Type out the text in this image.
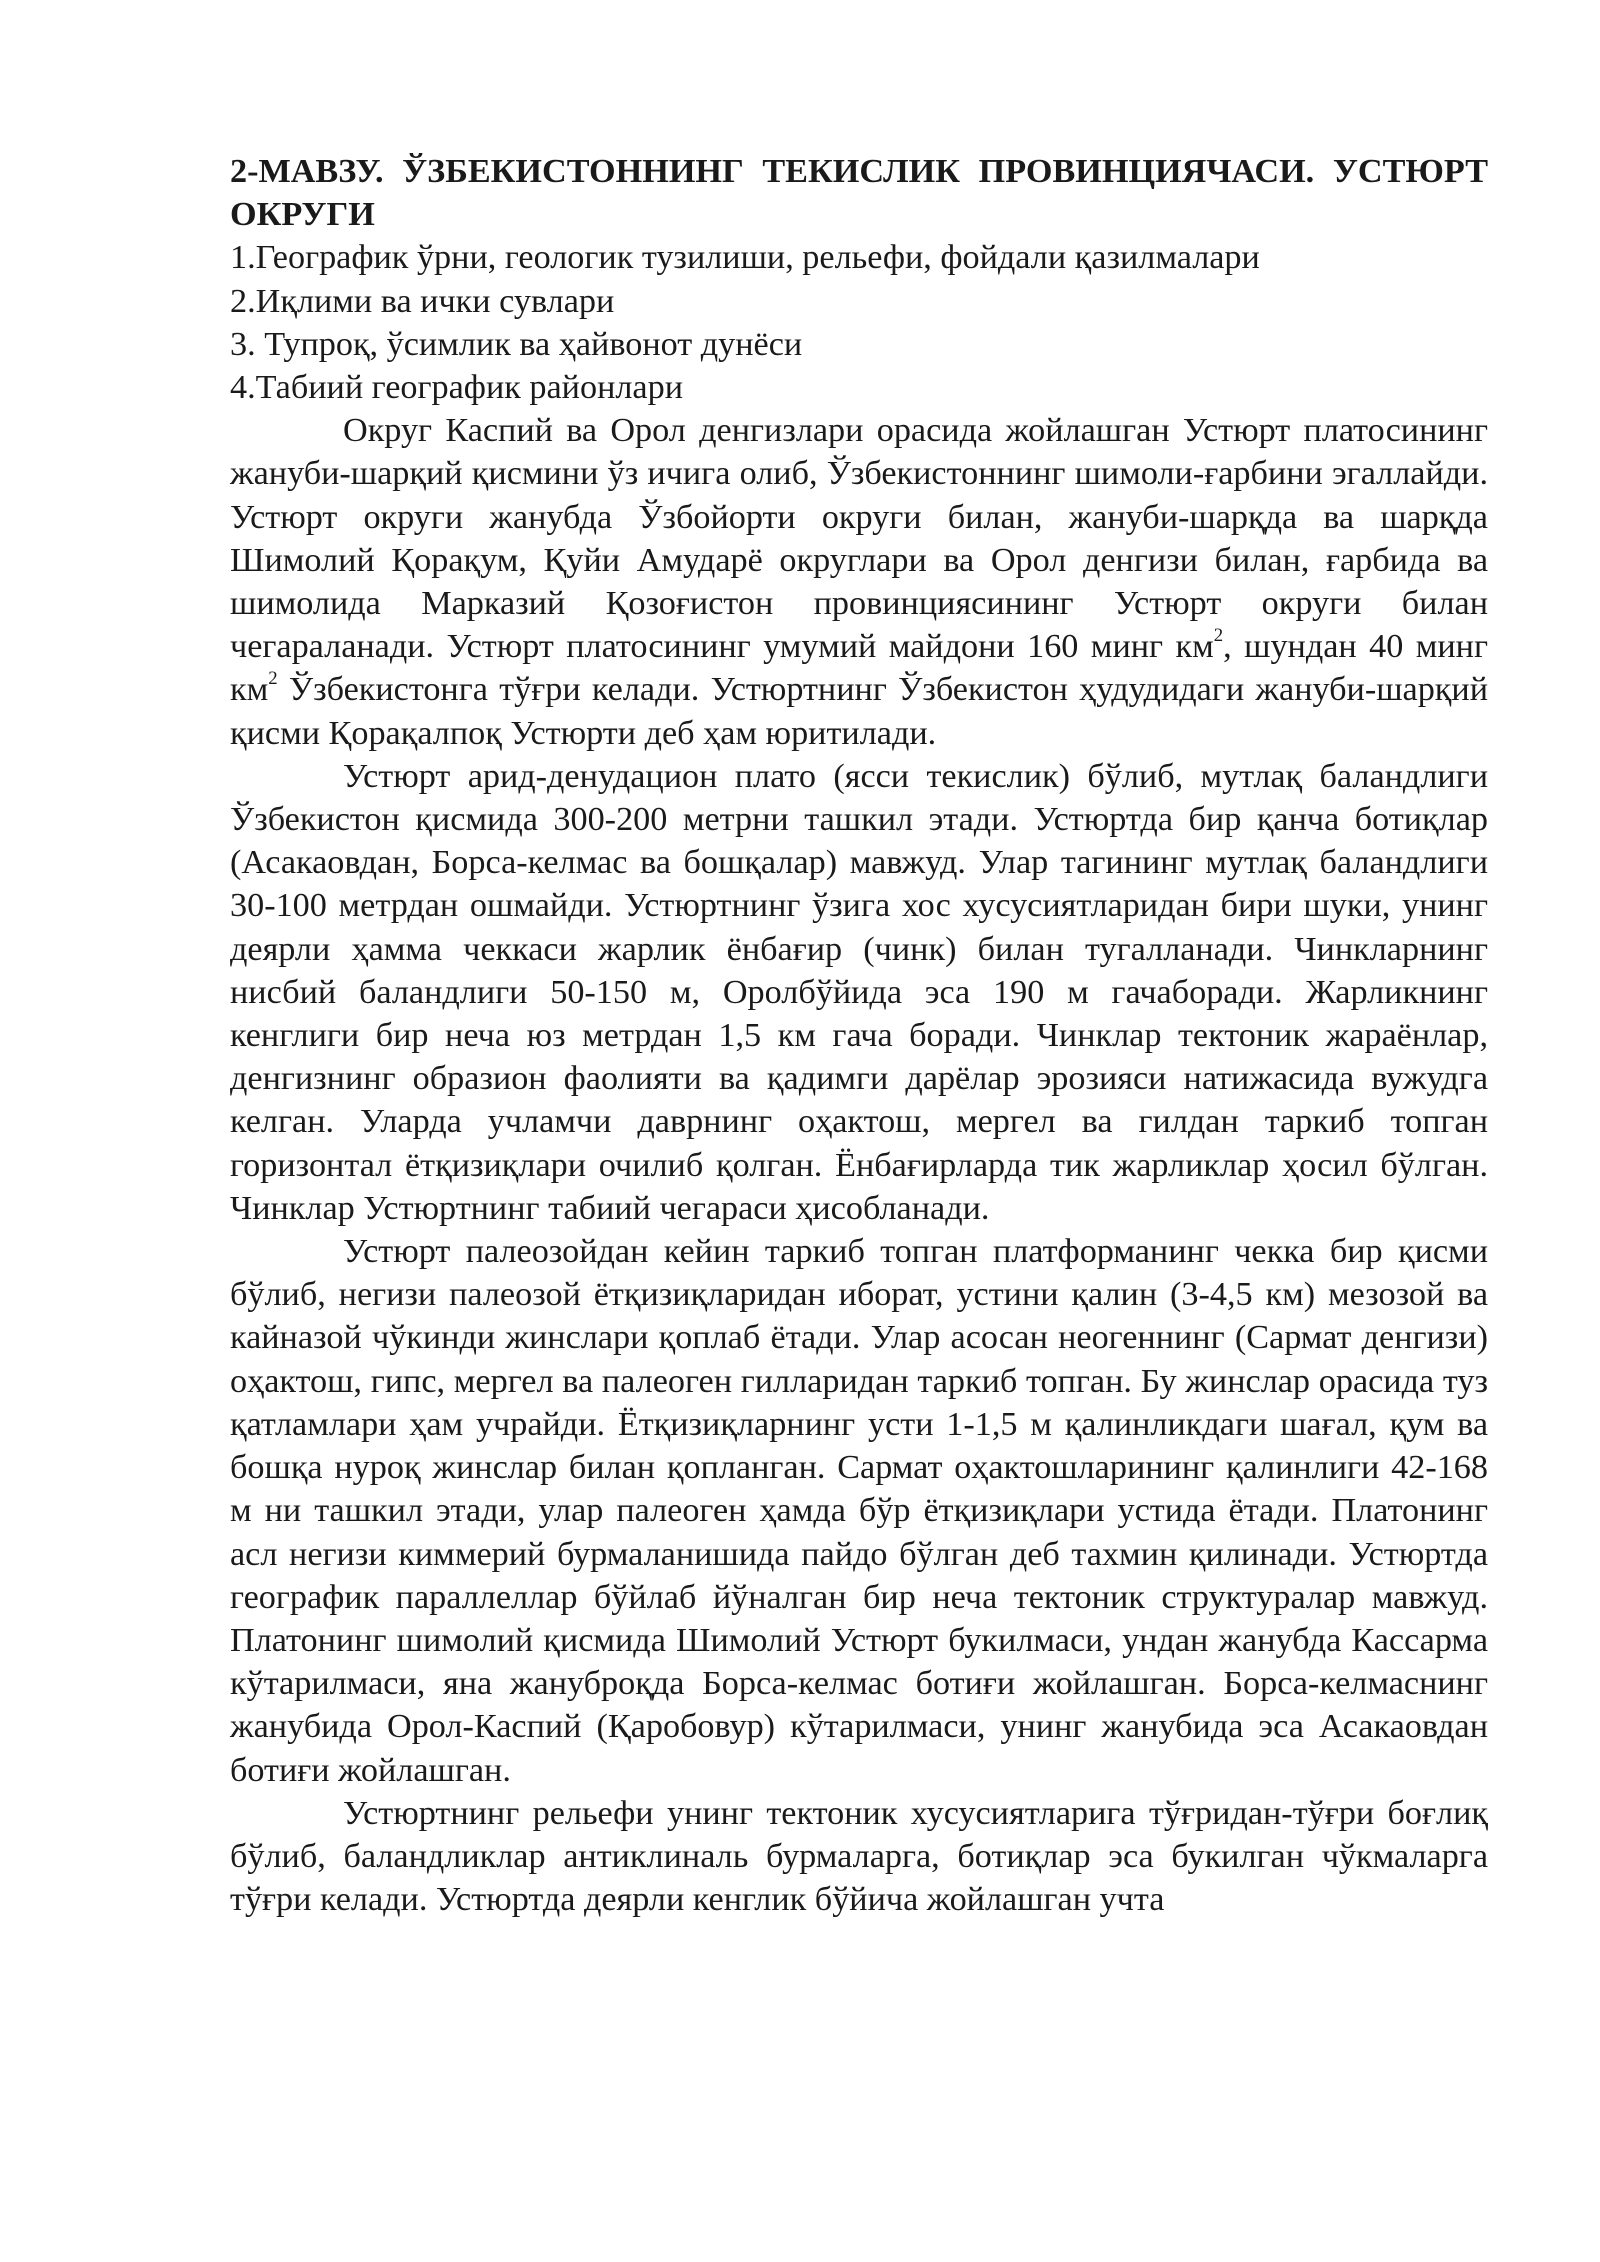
2-МАВЗУ. ЎЗБЕКИСТОННИНГ ТЕКИСЛИК ПРОВИНЦИЯЧАСИ. УСТЮРТ ОКРУГИ

1.Географик ўрни, геологик тузилиши, рельефи, фойдали қазилмалари

2.Иқлими ва ички сувлари

3. Тупроқ, ўсимлик ва ҳайвонот дунёси

4.Табиий географик районлари

Округ Каспий ва Орол денгизлари орасида жойлашган Устюрт платосининг жануби-шарқий қисмини ўз ичига олиб, Ўзбекистоннинг шимоли-ғарбини эгаллайди. Устюрт округи жанубда Ўзбойорти округи билан, жануби-шарқда ва шарқда Шимолий Қорақум, Қуйи Амударё округлари ва Орол денгизи билан, ғарбида ва шимолида Марказий Қозоғистон провинциясининг Устюрт округи билан чегараланади. Устюрт платосининг умумий майдони 160 минг $км^2$, шундан 40 минг $км^2$ Ўзбекистонга тўғри келади. Устюртнинг Ўзбекистон ҳудудидаги жануби-шарқий қисми Қорақалпоқ Устюрти деб ҳам юритилади.

Устюрт арид-денудацион плато (ясси текислик) бўлиб, мутлақ баландлиги Ўзбекистон қисмида 300-200 метрни ташкил этади. Устюртда бир қанча ботиқлар (Асакаовдан, Борса-келмас ва бошқалар) мавжуд. Улар тагининг мутлақ баландлиги 30-100 метрдан ошмайди. Устюртнинг ўзига хос хусусиятларидан бири шуки, унинг деярли ҳамма чеккаси жарлик ёнбағир (чинк) билан тугалланади. Чинкларнинг нисбий баландлиги 50-150 м, Оролбўйида эса 190 м гачаборади. Жарликнинг кенглиги бир неча юз метрдан 1,5 км гача боради. Чинклар тектоник жараёнлар, денгизнинг образион фаолияти ва қадимги дарёлар эрозияси натижасида вужудга келган. Уларда учламчи даврнинг оҳактош, мергел ва гилдан таркиб топган горизонтал ётқизиқлари очилиб қолган. Ёнбағирларда тик жарликлар ҳосил бўлган. Чинклар Устюртнинг табиий чегараси ҳисобланади.

Устюрт палеозойдан кейин таркиб топган платформанинг чекка бир қисми бўлиб, негизи палеозой ётқизиқларидан иборат, устини қалин (3-4,5 км) мезозой ва кайназой чўкинди жинслари қоплаб ётади. Улар асосан неогеннинг (Сармат денгизи) оҳактош, гипс, мергел ва палеоген гилларидан таркиб топган. Бу жинслар орасида туз қатламлари ҳам учрайди. Ётқизиқларнинг усти 1-1,5 м қалинликдаги шағал, қум ва бошқа нуроқ жинслар билан қопланган. Сармат оҳактошларининг қалинлиги 42-168 м ни ташкил этади, улар палеоген ҳамда бўр ётқизиқлари устида ётади. Платонинг асл негизи киммерий бурмаланишида пайдо бўлган деб тахмин қилинади. Устюртда географик параллеллар бўйлаб йўналган бир неча тектоник структуралар мавжуд. Платонинг шимолий қисмида Шимолий Устюрт букилмаси, ундан жанубда Кассарма кўтарилмаси, яна жануброқда Борса-келмас ботиғи жойлашган. Борса-келмаснинг жанубида Орол-Каспий (Қаробовур) кўтарилмаси, унинг жанубида эса Асакаовдан ботиғи жойлашган.

Устюртнинг рельефи унинг тектоник хусусиятларига тўғридан-тўғри боғлиқ бўлиб, баландликлар антиклиналь бурмаларга, ботиқлар эса букилган чўкмаларга тўғри келади. Устюртда деярли кенглик бўйича жойлашган учта
